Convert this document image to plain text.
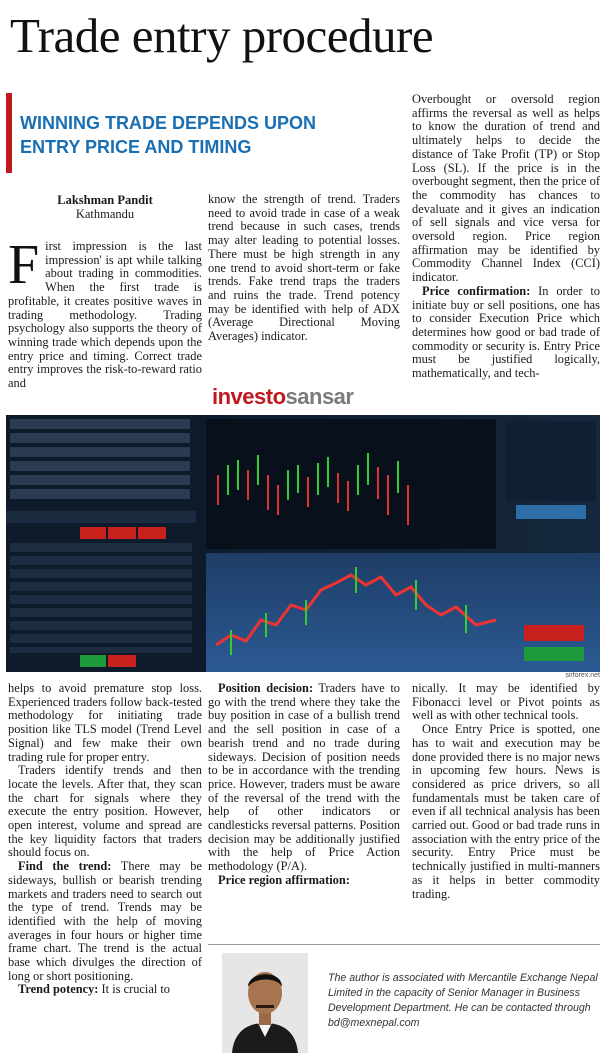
Trade entry procedure
WINNING TRADE DEPENDS UPON ENTRY PRICE AND TIMING
Lakshman Pandit
Kathmandu
F irst impression is the last impression' is apt while talking about trading in commodities. When the first trade is profitable, it creates positive waves in trading methodology. Trading psychology also supports the theory of winning trade which depends upon the entry price and timing. Correct trade entry improves the risk-to-reward ratio and

know the strength of trend. Traders need to avoid trade in case of a weak trend because in such cases, trends may alter leading to potential losses. There must be high strength in any one trend to avoid short-term or fake trends. Fake trend traps the traders and ruins the trade. Trend potency may be identified with help of ADX (Average Directional Moving Averages) indicator.

Overbought or oversold region affirms the reversal as well as helps to know the duration of trend and ultimately helps to decide the distance of Take Profit (TP) or Stop Loss (SL). If the price is in the overbought segment, then the price of the commodity has chances to devaluate and it gives an indication of sell signals and vice versa for oversold region. Price region affirmation may be identified by Commodity Channel Index (CCI) indicator.

Price confirmation: In order to initiate buy or sell positions, one has to consider Execution Price which determines how good or bad trade of commodity or security is. Entry Price must be justified logically, mathematically, and tech-

investosansar
sirforex.net

helps to avoid premature stop loss. Experienced traders follow back-tested methodology for initiating trade position like TLS model (Trend Level Signal) and few make their own trading rule for proper entry.

Traders identify trends and then locate the levels. After that, they scan the chart for signals where they execute the entry position. However, open interest, volume and spread are the key liquidity factors that traders should focus on.

Find the trend: There may be sideways, bullish or bearish trending markets and traders need to search out the type of trend. Trends may be identified with the help of moving averages in four hours or higher time frame chart. The trend is the actual base which divulges the direction of long or short positioning.

Trend potency: It is crucial to

Position decision: Traders have to go with the trend where they take the buy position in case of a bullish trend and the sell position in case of a bearish trend and no trade during sideways. Decision of position needs to be in accordance with the trending price. However, traders must be aware of the reversal of the trend with the help of other indicators or candlesticks reversal patterns. Position decision may be additionally justified with the help of Price Action methodology (P/A).

Price region affirmation:

nically. It may be identified by Fibonacci level or Pivot points as well as with other technical tools.

Once Entry Price is spotted, one has to wait and execution may be done provided there is no major news in upcoming few hours. News is considered as price drivers, so all fundamentals must be taken care of even if all technical analysis has been carried out. Good or bad trade runs in association with the entry price of the security. Entry Price must be technically justified in multi-manners as it helps in better commodity trading.

The author is associated with Mercantile Exchange Nepal Limited in the capacity of Senior Manager in Business Development Department. He can be contacted through bd@mexnepal.com
